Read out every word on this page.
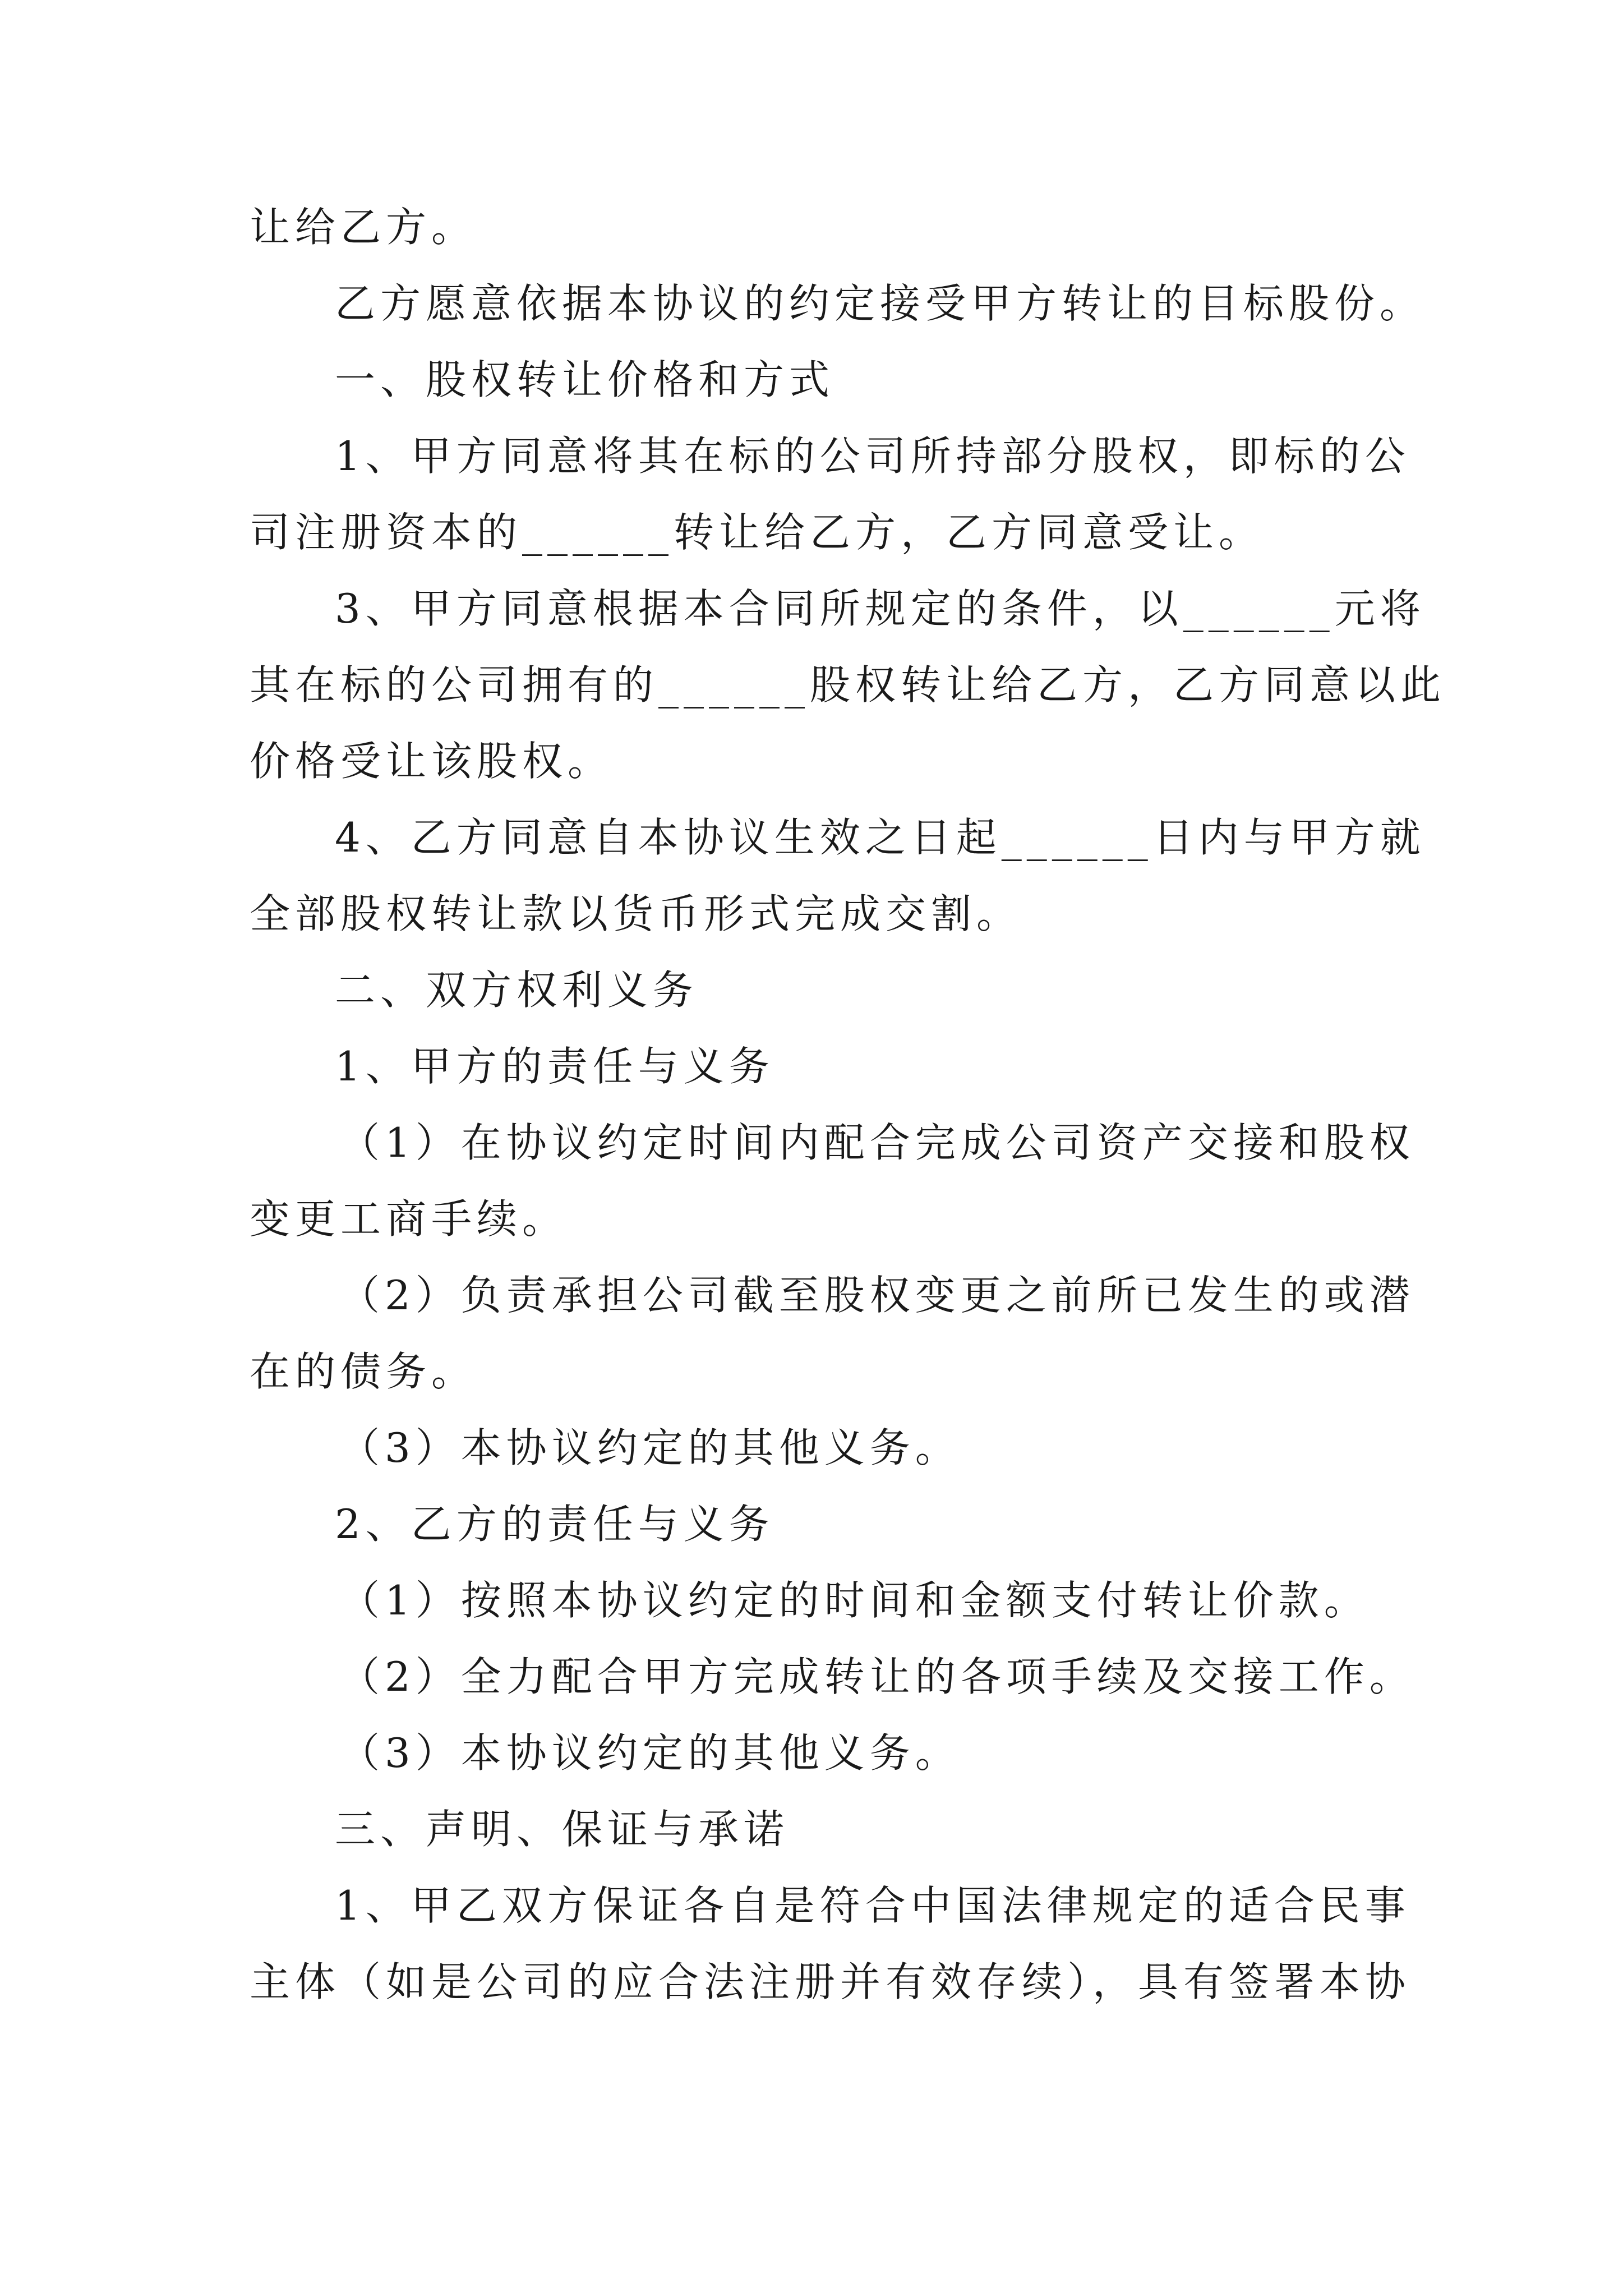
让给乙方。
乙方愿意依据本协议的约定接受甲方转让的目标股份。
一、股权转让价格和方式
1、甲方同意将其在标的公司所持部分股权，即标的公
司注册资本的______转让给乙方，乙方同意受让。
3、甲方同意根据本合同所规定的条件，以______元将
其在标的公司拥有的______股权转让给乙方，乙方同意以此
价格受让该股权。
4、乙方同意自本协议生效之日起______日内与甲方就
全部股权转让款以货币形式完成交割。
二、双方权利义务
1、甲方的责任与义务
（1）在协议约定时间内配合完成公司资产交接和股权
变更工商手续。
（2）负责承担公司截至股权变更之前所已发生的或潜
在的债务。
（3）本协议约定的其他义务。
2、乙方的责任与义务
（1）按照本协议约定的时间和金额支付转让价款。
（2）全力配合甲方完成转让的各项手续及交接工作。
（3）本协议约定的其他义务。
三、声明、保证与承诺
1、甲乙双方保证各自是符合中国法律规定的适合民事
主体（如是公司的应合法注册并有效存续），具有签署本协
